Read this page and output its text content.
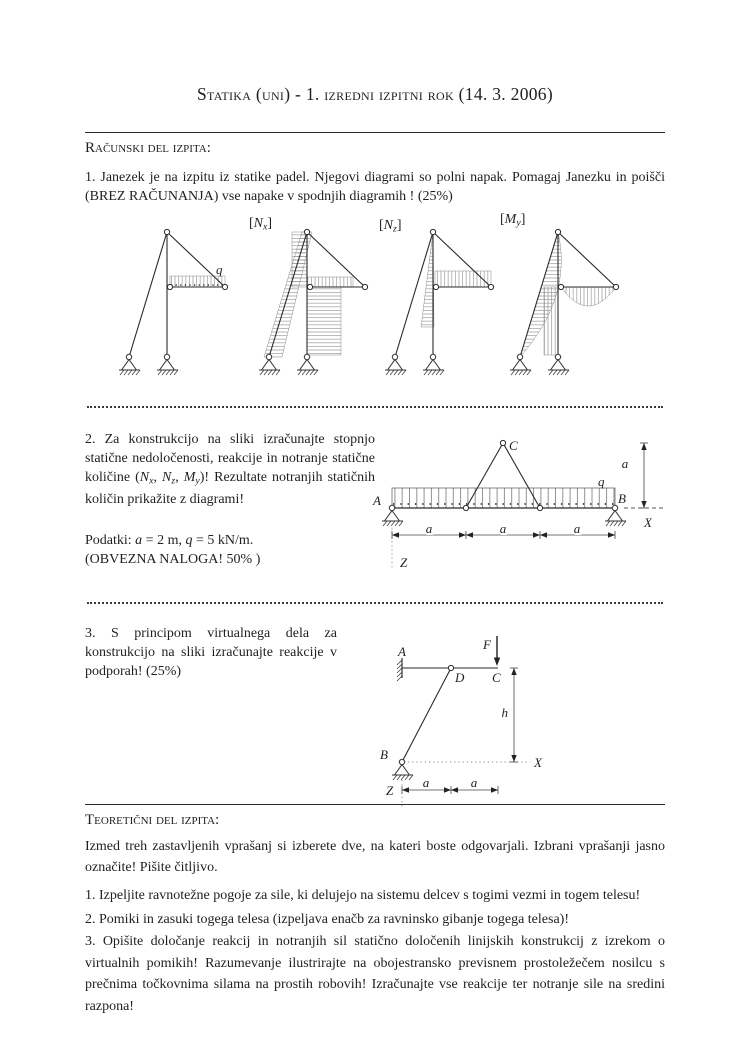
Statika (uni) - 1. izredni izpitni rok (14. 3. 2006)
Računski del izpita:
1. Janezek je na izpitu iz statike padel. Njegovi diagrami so polni napak. Pomagaj Janezku in poišči (BREZ RAČUNANJA) vse napake v spodnjih diagramih ! (25%)
[Nx]	[Nz]	[My]
q
2. Za konstrukcijo na sliki izračunajte stopnjo statične nedoločenosti, reakcije in notranje statične količine (Nx, Nz, My)! Rezultate notranjih statičnih količin prikažite z diagrami!
Podatki: a = 2 m, q = 5 kN/m.
(OBVEZNA NALOGA! 50% )
a	a	a
a
A	B
C
q
X
Z
3. S principom virtualnega dela za konstrukcijo na sliki izračunajte reakcije v podporah! (25%)
h
a	a
A
B
C
D
F
X
Z
Teoretični del izpita:
Izmed treh zastavljenih vprašanj si izberete dve, na kateri boste odgovarjali. Izbrani vprašanji jasno označite! Pišite čitljivo.
1. Izpeljite ravnotežne pogoje za sile, ki delujejo na sistemu delcev s togimi vezmi in togem telesu!
2. Pomiki in zasuki togega telesa (izpeljava enačb za ravninsko gibanje togega telesa)!
3. Opišite določanje reakcij in notranjih sil statično določenih linijskih konstrukcij z izrekom o virtualnih pomikih! Razumevanje ilustrirajte na obojestransko previsnem prostoležečem nosilcu s prečnima točkovnima silama na prostih robovih! Izračunajte vse reakcije ter notranje sile na sredini razpona!
